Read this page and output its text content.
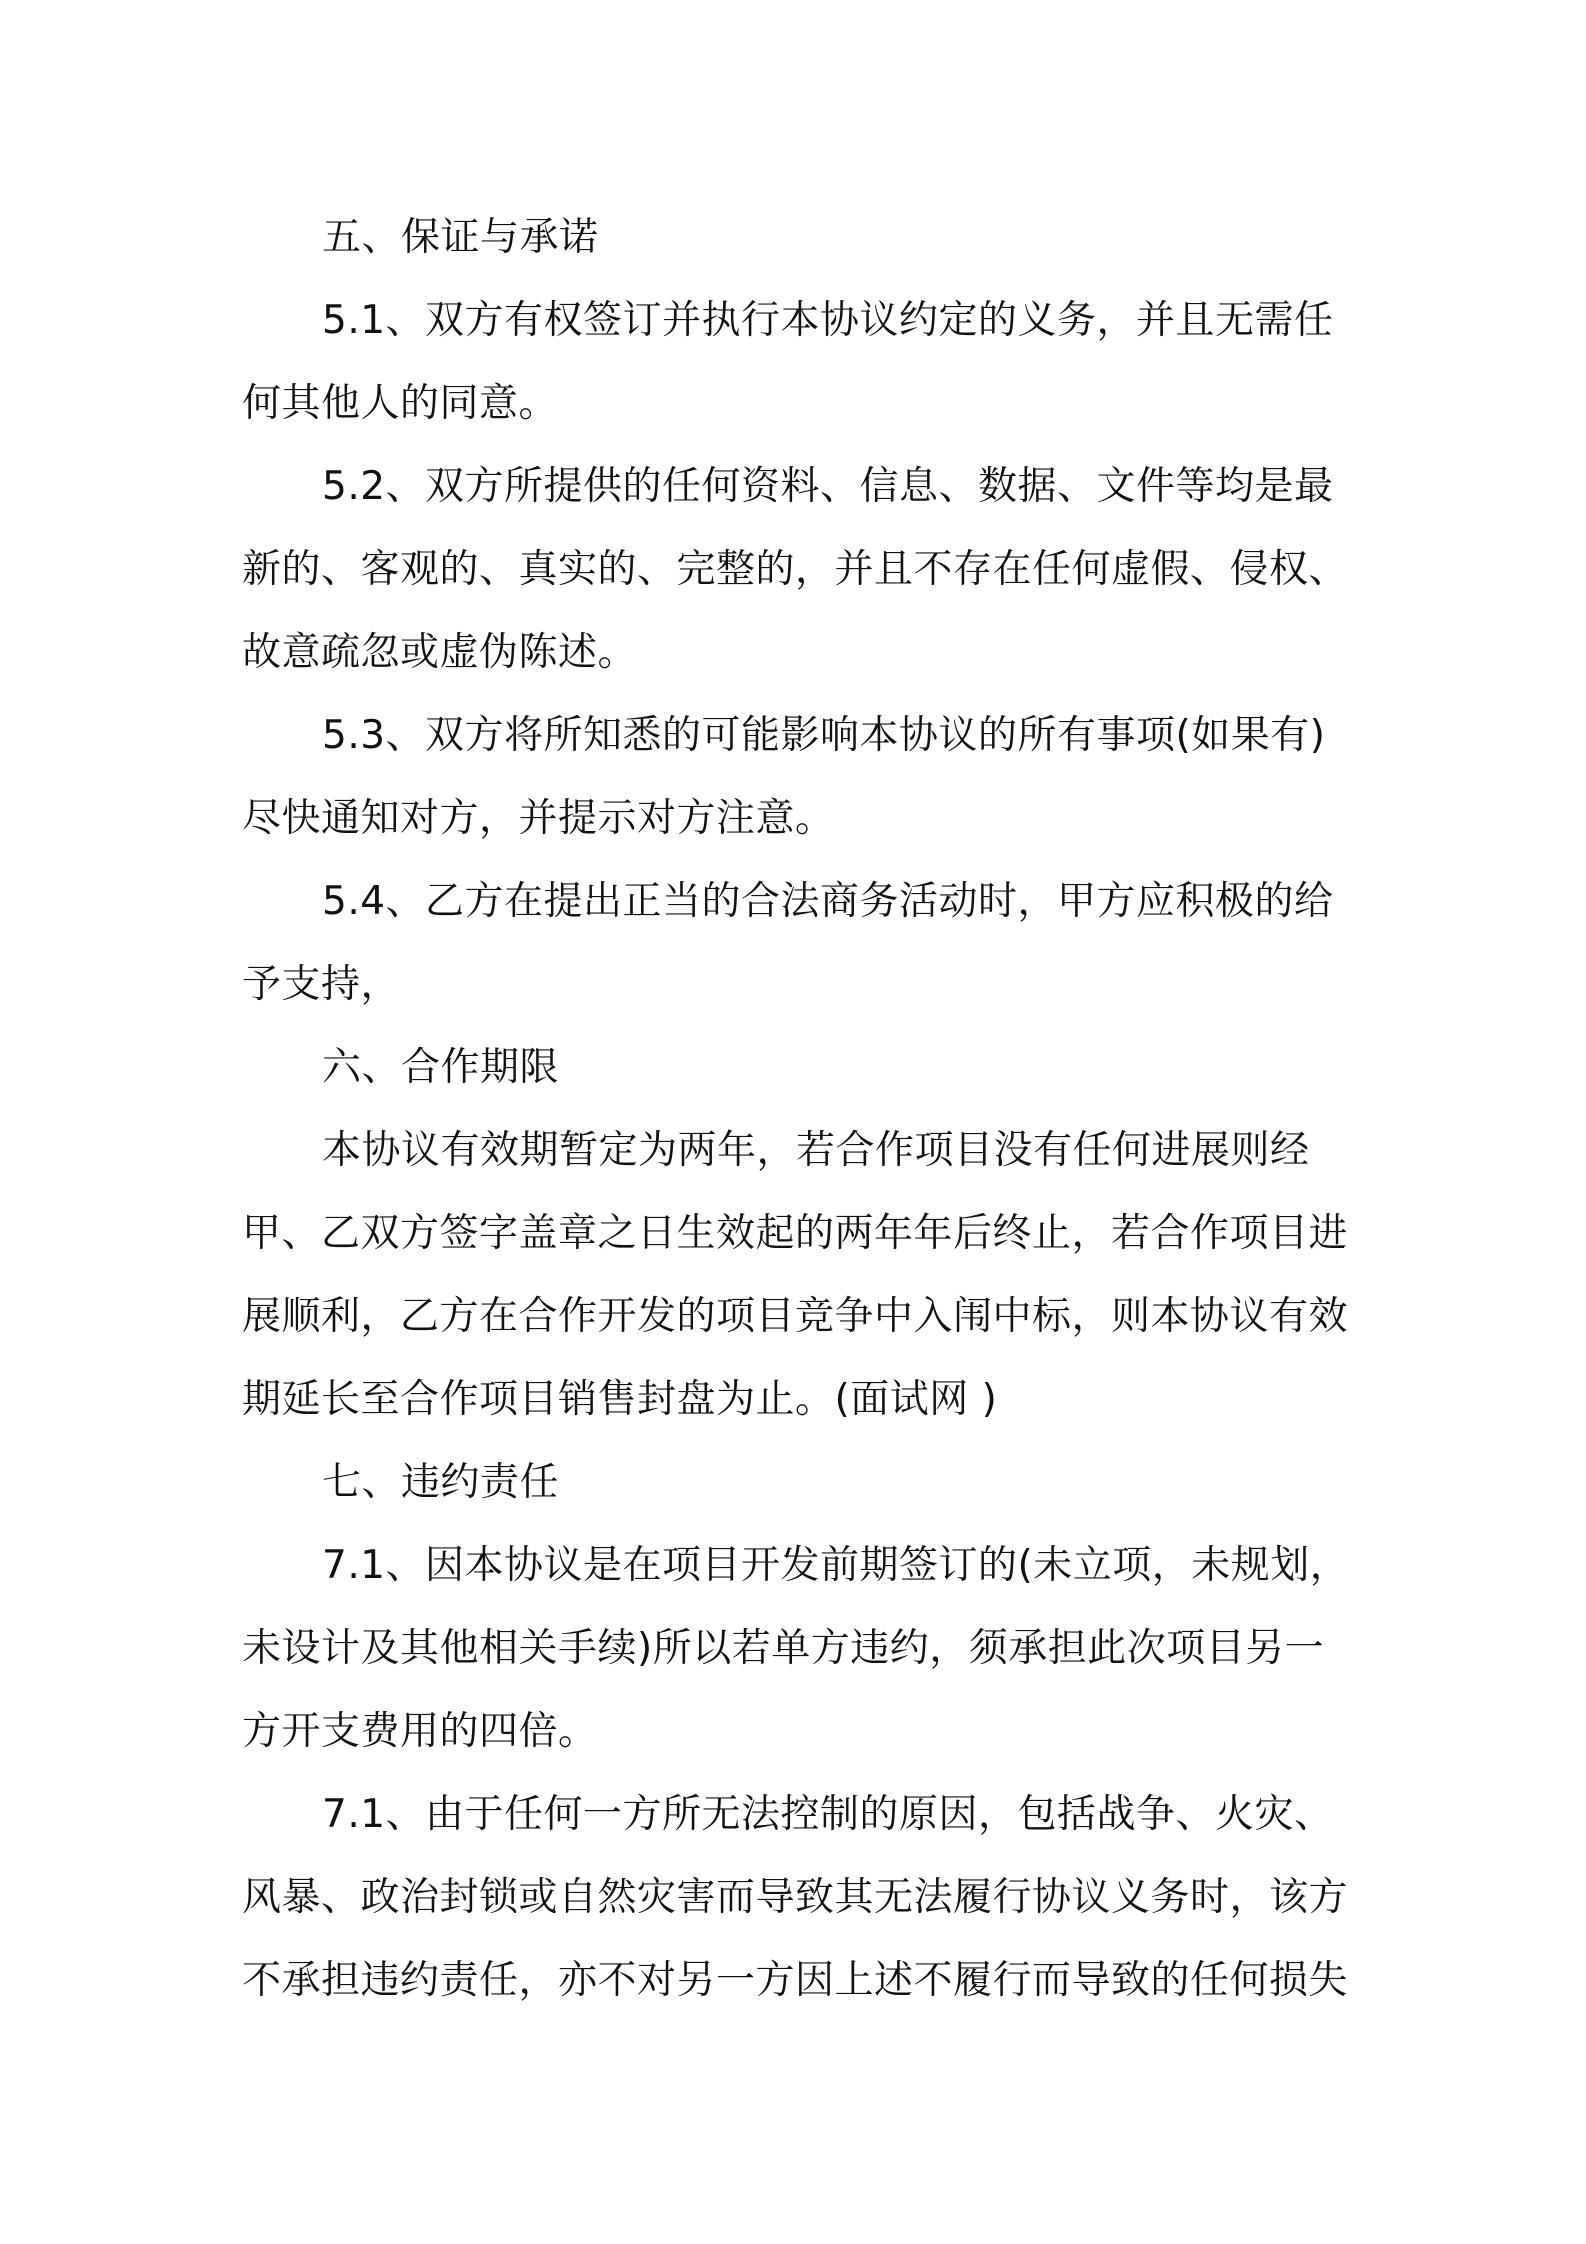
五、保证与承诺

5.1、双方有权签订并执行本协议约定的义务，并且无需任何其他人的同意。

5.2、双方所提供的任何资料、信息、数据、文件等均是最新的、客观的、真实的、完整的，并且不存在任何虚假、侵权、故意疏忽或虚伪陈述。

5.3、双方将所知悉的可能影响本协议的所有事项(如果有)尽快通知对方，并提示对方注意。

5.4、乙方在提出正当的合法商务活动时，甲方应积极的给予支持，

六、合作期限

本协议有效期暂定为两年，若合作项目没有任何进展则经甲、乙双方签字盖章之日生效起的两年年后终止，若合作项目进展顺利，乙方在合作开发的项目竞争中入闱中标，则本协议有效期延长至合作项目销售封盘为止。(面试网 )

七、违约责任

7.1、因本协议是在项目开发前期签订的(未立项，未规划，未设计及其他相关手续)所以若单方违约，须承担此次项目另一方开支费用的四倍。

7.1、由于任何一方所无法控制的原因，包括战争、火灾、风暴、政治封锁或自然灾害而导致其无法履行协议义务时，该方不承担违约责任，亦不对另一方因上述不履行而导致的任何损失
